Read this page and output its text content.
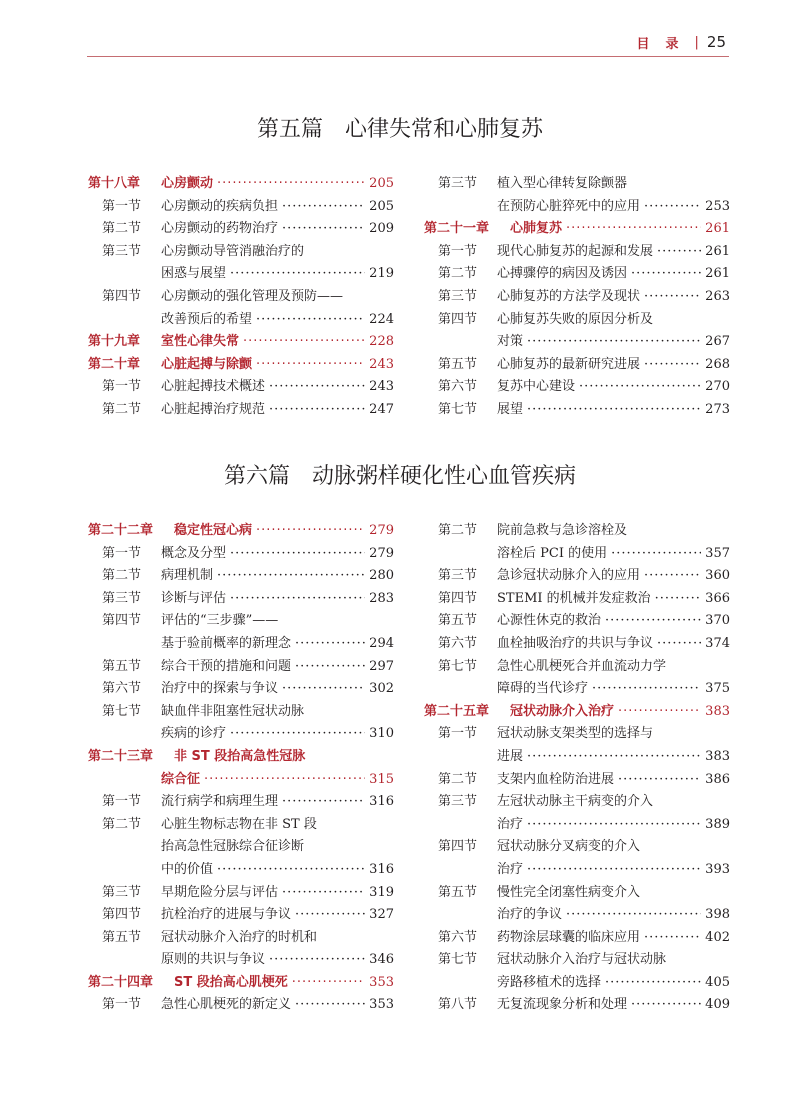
目录 | 25
第五篇 心律失常和心肺复苏
第十八章 心房颤动 ·····	205
第一节	心房颤动的疾病负担 ·····	205
第二节	心房颤动的药物治疗 ·····	209
第三节	心房颤动导管消融治疗的
困惑与展望 ·····	219
第四节	心房颤动的强化管理及预防——
改善预后的希望 ·····	224
第十九章 室性心律失常 ·····	228
第二十章 心脏起搏与除颤 ·····	243
第一节	心脏起搏技术概述 ·····	243
第二节	心脏起搏治疗规范 ·····	247
第三节	植入型心律转复除颤器
在预防心脏猝死中的应用 ·····	253
第二十一章 心肺复苏 ·····	261
第一节	现代心肺复苏的起源和发展 ·····	261
第二节	心搏骤停的病因及诱因 ·····	261
第三节	心肺复苏的方法学及现状 ·····	263
第四节	心肺复苏失败的原因分析及
对策 ·····	267
第五节	心肺复苏的最新研究进展 ·····	268
第六节	复苏中心建设 ·····	270
第七节	展望 ·····	273
第六篇 动脉粥样硬化性心血管疾病
第二十二章 稳定性冠心病 ·····	279
第一节	概念及分型 ·····	279
第二节	病理机制 ·····	280
第三节	诊断与评估 ·····	283
第四节	评估的“三步骤”——
基于验前概率的新理念 ·····	294
第五节	综合干预的措施和问题 ·····	297
第六节	治疗中的探索与争议 ·····	302
第七节	缺血伴非阻塞性冠状动脉
疾病的诊疗 ·····	310
第二十三章 非 ST 段抬高急性冠脉
综合征 ·····	315
第一节	流行病学和病理生理 ·····	316
第二节	心脏生物标志物在非 ST 段
抬高急性冠脉综合征诊断
中的价值 ·····	316
第三节	早期危险分层与评估 ·····	319
第四节	抗栓治疗的进展与争议 ·····	327
第五节	冠状动脉介入治疗的时机和
原则的共识与争议 ·····	346
第二十四章 ST 段抬高心肌梗死 ·····	353
第一节	急性心肌梗死的新定义 ·····	353
第二节	院前急救与急诊溶栓及
溶栓后 PCI 的使用 ·····	357
第三节	急诊冠状动脉介入的应用 ·····	360
第四节	STEMI 的机械并发症救治 ·····	366
第五节	心源性休克的救治 ·····	370
第六节	血栓抽吸治疗的共识与争议 ·····	374
第七节	急性心肌梗死合并血流动力学
障碍的当代诊疗 ·····	375
第二十五章 冠状动脉介入治疗 ·····	383
第一节	冠状动脉支架类型的选择与
进展 ·····	383
第二节	支架内血栓防治进展 ·····	386
第三节	左冠状动脉主干病变的介入
治疗 ·····	389
第四节	冠状动脉分叉病变的介入
治疗 ·····	393
第五节	慢性完全闭塞性病变介入
治疗的争议 ·····	398
第六节	药物涂层球囊的临床应用 ·····	402
第七节	冠状动脉介入治疗与冠状动脉
旁路移植术的选择 ·····	405
第八节	无复流现象分析和处理 ·····	409
